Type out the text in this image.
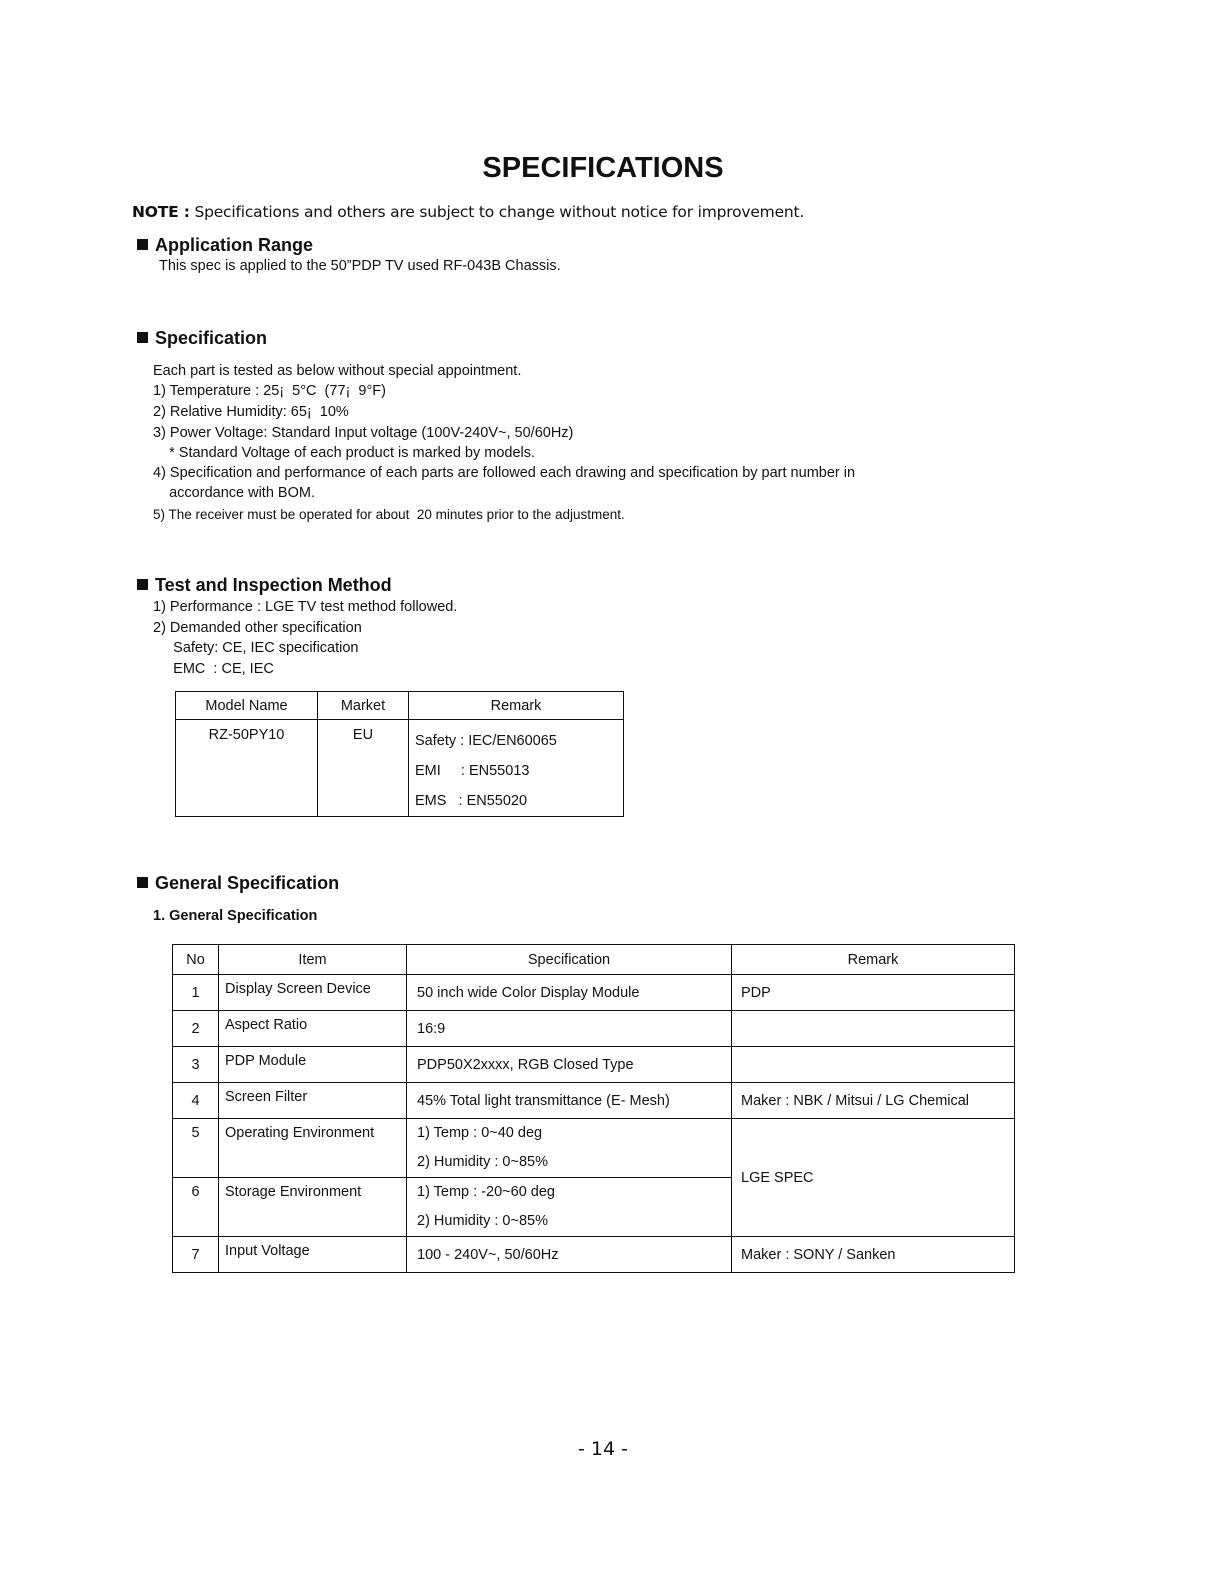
SPECIFICATIONS
NOTE : Specifications and others are subject to change without notice for improvement.
Application Range
This spec is applied to the 50”PDP TV used RF-043B Chassis.
Specification
Each part is tested as below without special appointment.
1) Temperature : 25¡  5°C  (77¡  9°F)
2) Relative Humidity: 65¡  10%
3) Power Voltage: Standard Input voltage (100V-240V~, 50/60Hz)
* Standard Voltage of each product is marked by models.
4) Specification and performance of each parts are followed each drawing and specification by part number in
accordance with BOM.
5) The receiver must be operated for about  20 minutes prior to the adjustment.
Test and Inspection Method
1) Performance : LGE TV test method followed.
2) Demanded other specification
Safety: CE, IEC specification
EMC  : CE, IEC
Model Name	Market	Remark
RZ-50PY10	EU	Safety : IEC/EN60065
EMI     : EN55013
EMS   : EN55020
General Specification
1. General Specification
No	Item	Specification	Remark
1	Display Screen Device	50 inch wide Color Display Module	PDP
2	Aspect Ratio	16:9	
3	PDP Module	PDP50X2xxxx, RGB Closed Type	
4	Screen Filter	45% Total light transmittance (E- Mesh)	Maker : NBK / Mitsui / LG Chemical
5	Operating Environment	1) Temp : 0~40 deg
2) Humidity : 0~85%	LGE SPEC
6	Storage Environment	1) Temp : -20~60 deg
2) Humidity : 0~85%	

7	Input Voltage	100 - 240V~, 50/60Hz	Maker : SONY / Sanken
- 14 -
